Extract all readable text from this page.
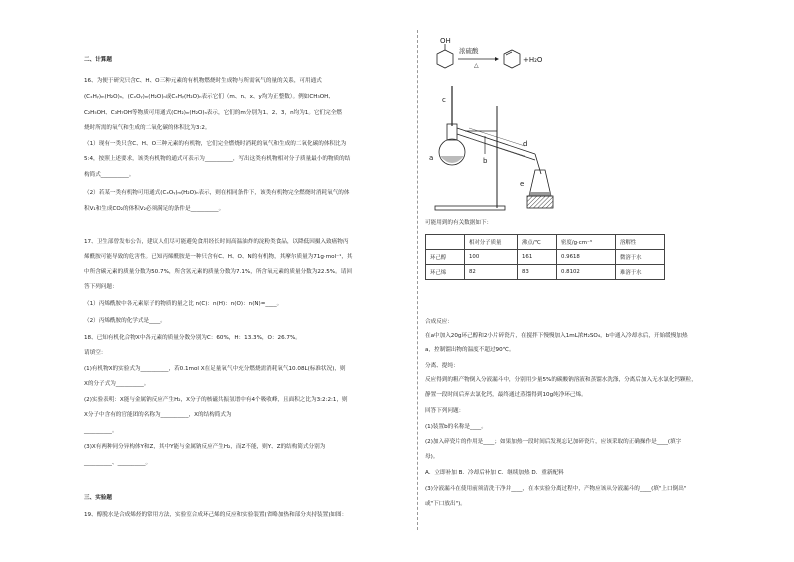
二、计算题
16、为便于研究只含C、H、O三种元素的有机物燃烧时生成物与所需氧气的量的关系，可用通式
(CₓHᵧ)ₘ(H₂O)ₙ，(CₓOᵧ)ₘ(H₂O)ₙ或CₓHᵧ(H₂O)ₙ表示它们（m、n、x、y均为正整数）。例如CH₃OH、
C₂H₅OH、C₃H₇OH等物质可用通式(CH₂)ₘ(H₂O)ₙ表示，它们的m分别为1、2、3，n均为1。它们完全燃
烧时所需的氧气和生成的二氧化碳的体积比为3:2。
（1）现有一类只含C、H、O三种元素的有机物，它们完全燃烧时消耗的氧气和生成的二氧化碳的体积比为
5:4，按照上述要求，该类有机物的通式可表示为__________，写出这类有机物相对分子质量最小的物质的结
构简式__________。
（2）若某一类有机物可用通式(CₓOᵧ)ₘ(H₂O)ₙ表示，则在相同条件下，该类有机物完全燃烧时消耗氧气的体
积V₁和生成CO₂的体积V₂必须满足的条件是__________。
17、卫生部曾发布公告，建议人们尽可能避免食用经长时间高温油炸的淀粉类食品，以降低因摄入致癌物丙
烯酰胺可能导致的危害性。已知丙烯酰胺是一种只含有C、H、O、N的有机物，其摩尔质量为71g·mol⁻¹，其
中所含碳元素的质量分数为50.7%，所含氢元素的质量分数为7.1%，所含氧元素的质量分数为22.5%。请回
答下列问题：
（1）丙烯酰胺中各元素原子的物质的量之比 n(C)：n(H)：n(O)：n(N)=____。
（2）丙烯酰胺的化学式是____。
18、已知有机化合物X中各元素的质量分数分别为C：60%，H：13.3%，O：26.7%。
请填空：
(1)有机物X的实验式为__________，若0.1mol X在足量氧气中充分燃烧需消耗氧气10.08L(标准状况)，则
X的分子式为__________。
(2)实验表明：X能与金属钠反应产生H₂，X分子的核磁共振氢谱中有4个吸收峰，且面积之比为3:2:2:1，则
X分子中含有的官能团的名称为__________，X的结构简式为
__________。
(3)X有两种同分异构体Y和Z，其中Y能与金属钠反应产生H₂，而Z不能，则Y、Z的结构简式分别为
__________、__________。
三、实验题
19、醇脱水是合成烯烃的常用方法，实验室合成环己烯的反应和实验装置(省略加热和部分夹持装置)如图：
OH
浓硫酸
△
+H₂O
c
a	b
d
e
可能用到的有关数据如下：
	相对分子质量	沸点/℃	密度/g·cm⁻³	溶解性
环己醇	100	161	0.9618	微溶于水
环己烯	82	83	0.8102	难溶于水
合成反应：
在a中加入20g环己醇和2小片碎瓷片，在搅拌下慢慢加入1mL浓H₂SO₄，b中通入冷却水后，开始缓慢加热
a，控制馏出物的温度不超过90℃。
分离、提纯：
反应得到的粗产物倒入分液漏斗中，分别用少量5%的碳酸钠溶液和蒸馏水洗涤，分离后加入无水氯化钙颗粒，
静置一段时间后弃去氯化钙，最终通过蒸馏得到10g纯净环己烯。
回答下列问题：
(1)装置b的名称是____。
(2)加入碎瓷片的作用是____；如果加热一段时间后发现忘记加碎瓷片，应该采取的正确操作是____(填字
母)。
A．立即补加 B．冷却后补加 C．继续加热 D．重新配料
(3)分液漏斗在使用前须清洗干净并____，在本实验分离过程中，产物应该从分液漏斗的____(填"上口倒出"
或"下口放出")。
